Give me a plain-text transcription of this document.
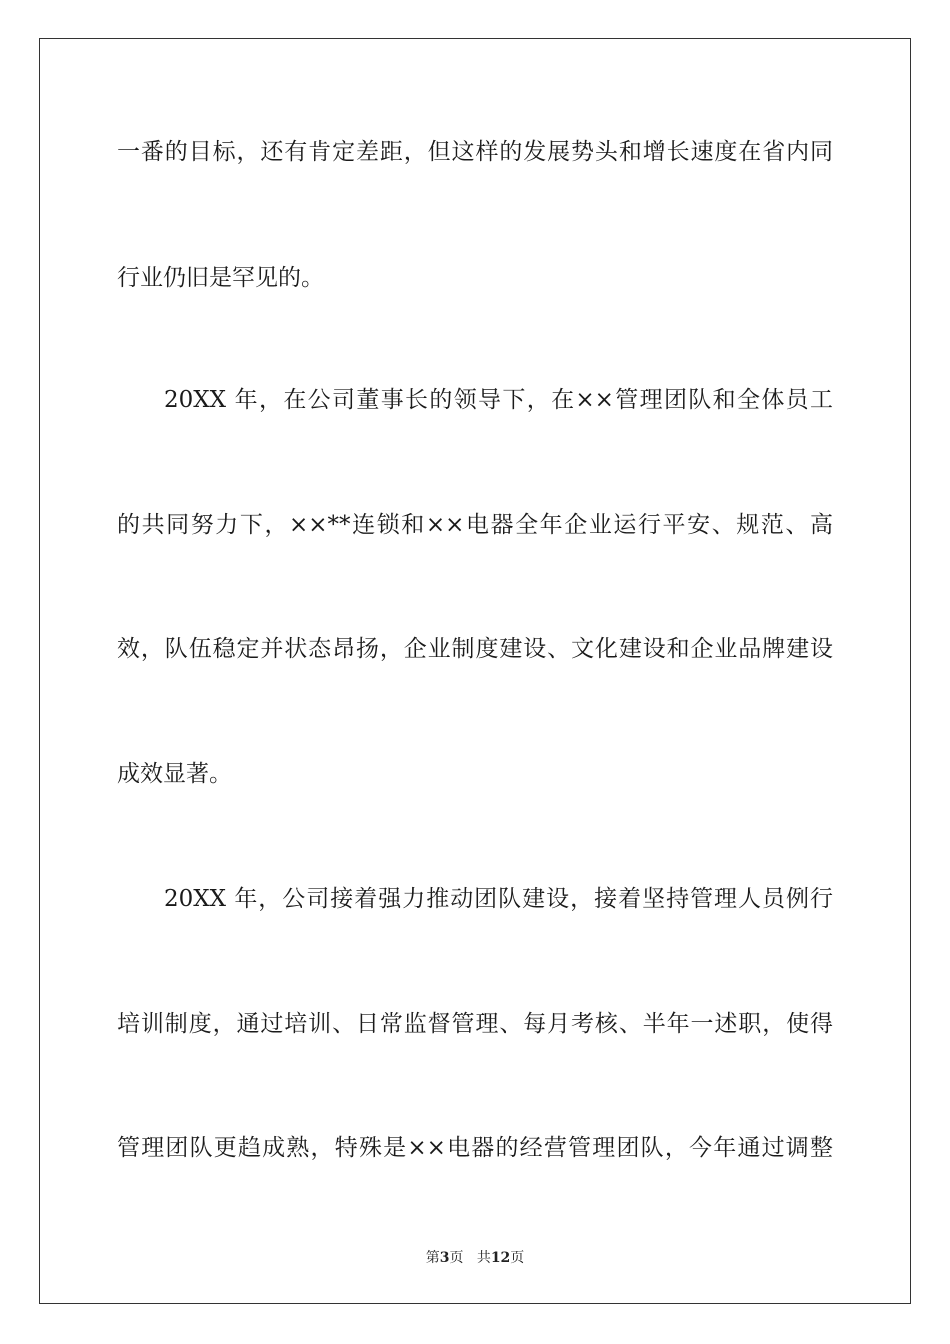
一番的目标，还有肯定差距，但这样的发展势头和增长速度在省内同
行业仍旧是罕见的。
20XX 年，在公司董事长的领导下，在××管理团队和全体员工
的共同努力下，××**连锁和××电器全年企业运行平安、规范、高
效，队伍稳定并状态昂扬，企业制度建设、文化建设和企业品牌建设
成效显著。
20XX 年，公司接着强力推动团队建设，接着坚持管理人员例行
培训制度，通过培训、日常监督管理、每月考核、半年一述职，使得
管理团队更趋成熟，特殊是××电器的经营管理团队，今年通过调整
第3页 共12页
